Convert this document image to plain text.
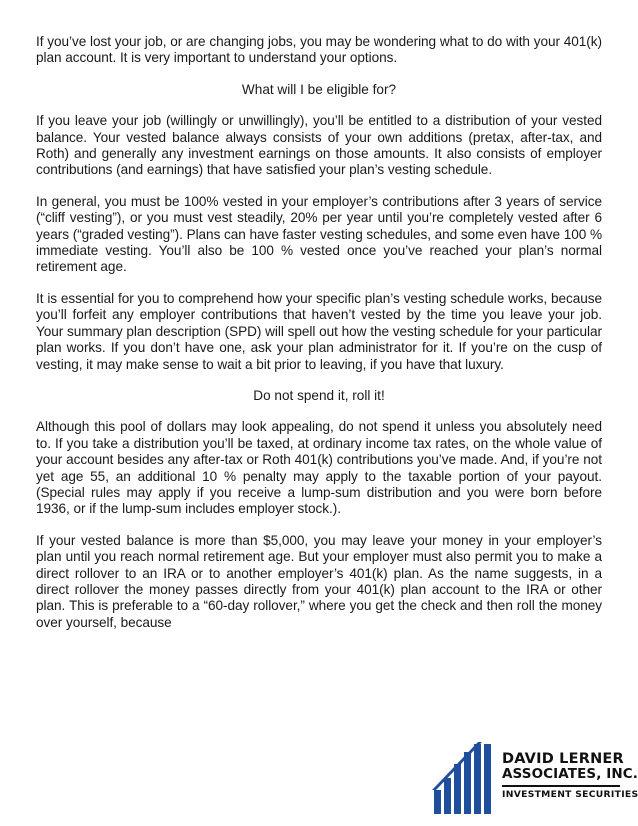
If you’ve lost your job, or are changing jobs, you may be wondering what to do with your 401(k) plan account. It is very important to understand your options.

What will I be eligible for?

If you leave your job (willingly or unwillingly), you’ll be entitled to a distribution of your vested balance. Your vested balance always consists of your own additions (pretax, after-tax, and Roth) and generally any investment earnings on those amounts. It also consists of employer contributions (and earnings) that have satisfied your plan’s vesting schedule.

In general, you must be 100% vested in your employer’s contributions after 3 years of service (“cliff vesting”), or you must vest steadily, 20% per year until you’re completely vested after 6 years (“graded vesting”). Plans can have faster vesting schedules, and some even have 100 % immediate vesting. You’ll also be 100 % vested once you’ve reached your plan’s normal retirement age.

It is essential for you to comprehend how your specific plan’s vesting schedule works, because you’ll forfeit any employer contributions that haven’t vested by the time you leave your job. Your summary plan description (SPD) will spell out how the vesting schedule for your particular plan works. If you don’t have one, ask your plan administrator for it. If you’re on the cusp of vesting, it may make sense to wait a bit prior to leaving, if you have that luxury.

Do not spend it, roll it!

Although this pool of dollars may look appealing, do not spend it unless you absolutely need to. If you take a distribution you’ll be taxed, at ordinary income tax rates, on the whole value of your account besides any after-tax or Roth 401(k) contributions you’ve made. And, if you’re not yet age 55, an additional 10 % penalty may apply to the taxable portion of your payout. (Special rules may apply if you receive a lump-sum distribution and you were born before 1936, or if the lump-sum includes employer stock.).

If your vested balance is more than $5,000, you may leave your money in your employer’s plan until you reach normal retirement age. But your employer must also permit you to make a direct rollover to an IRA or to another employer’s 401(k) plan. As the name suggests, in a direct rollover the money passes directly from your 401(k) plan account to the IRA or other plan. This is preferable to a “60-day rollover,” where you get the check and then roll the money over yourself, because

DAVID LERNER
ASSOCIATES, INC.
INVESTMENT SECURITIES
